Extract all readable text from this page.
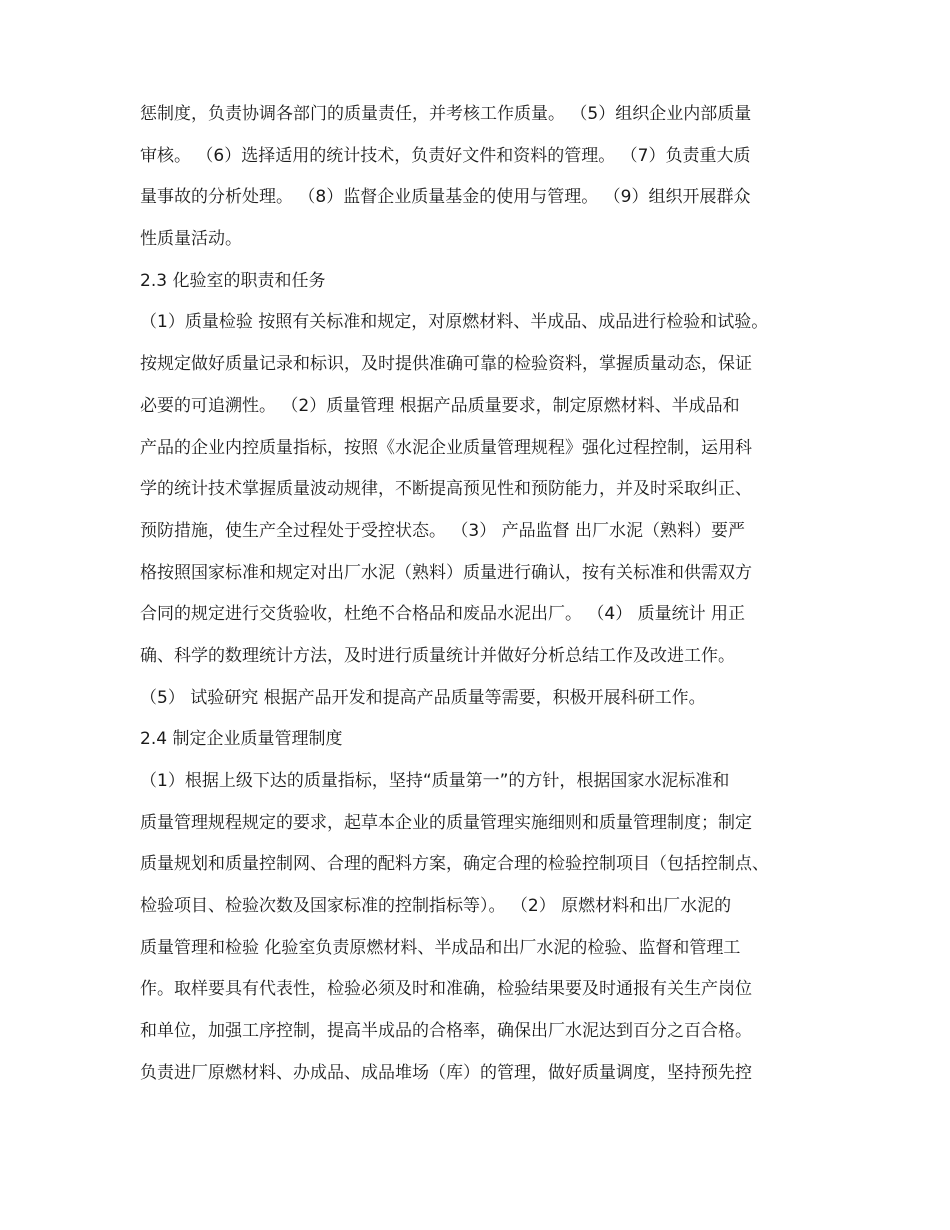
惩制度，负责协调各部门的质量责任，并考核工作质量。 （5）组织企业内部质量
审核。 （6）选择适用的统计技术，负责好文件和资料的管理。 （7）负责重大质
量事故的分析处理。 （8）监督企业质量基金的使用与管理。 （9）组织开展群众
性质量活动。
2.3 化验室的职责和任务
（1）质量检验 按照有关标准和规定，对原燃材料、半成品、成品进行检验和试验。
按规定做好质量记录和标识，及时提供准确可靠的检验资料，掌握质量动态，保证
必要的可追溯性。 （2）质量管理 根据产品质量要求，制定原燃材料、半成品和
产品的企业内控质量指标，按照《水泥企业质量管理规程》强化过程控制，运用科
学的统计技术掌握质量波动规律，不断提高预见性和预防能力，并及时采取纠正、
预防措施，使生产全过程处于受控状态。 （3） 产品监督 出厂水泥（熟料）要严
格按照国家标准和规定对出厂水泥（熟料）质量进行确认，按有关标准和供需双方
合同的规定进行交货验收，杜绝不合格品和废品水泥出厂。 （4） 质量统计 用正
确、科学的数理统计方法，及时进行质量统计并做好分析总结工作及改进工作。
（5） 试验研究 根据产品开发和提高产品质量等需要，积极开展科研工作。
2.4 制定企业质量管理制度
（1）根据上级下达的质量指标，坚持“质量第一”的方针，根据国家水泥标准和
质量管理规程规定的要求，起草本企业的质量管理实施细则和质量管理制度；制定
质量规划和质量控制网、合理的配料方案，确定合理的检验控制项目（包括控制点、
检验项目、检验次数及国家标准的控制指标等）。 （2） 原燃材料和出厂水泥的
质量管理和检验 化验室负责原燃材料、半成品和出厂水泥的检验、监督和管理工
作。取样要具有代表性，检验必须及时和准确，检验结果要及时通报有关生产岗位
和单位，加强工序控制，提高半成品的合格率，确保出厂水泥达到百分之百合格。
负责进厂原燃材料、办成品、成品堆场（库）的管理，做好质量调度，坚持预先控
